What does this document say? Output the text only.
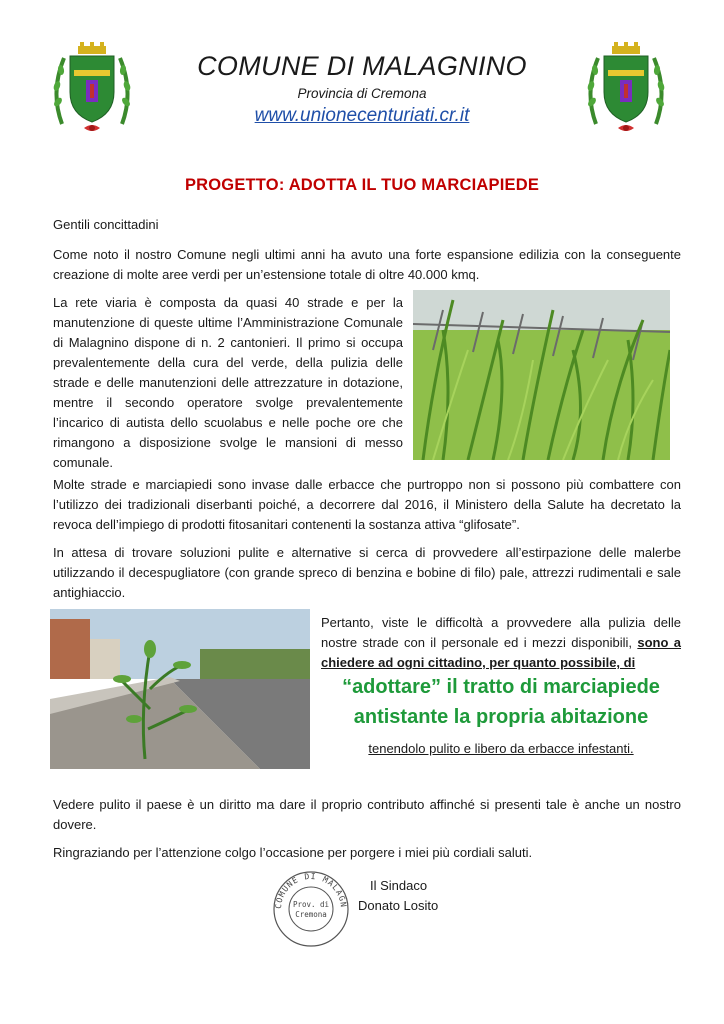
COMUNE DI MALAGNINO
Provincia di Cremona
www.unionecenturiati.cr.it
PROGETTO: ADOTTA IL TUO MARCIAPIEDE

Gentili concittadini

Come noto il nostro Comune negli ultimi anni ha avuto una forte espansione edilizia con la conseguente creazione di molte aree verdi per un’estensione totale di oltre 40.000 kmq.

La rete viaria è composta da quasi 40 strade e per la manutenzione di queste ultime l’Amministrazione Comunale di Malagnino dispone di n. 2 cantonieri. Il primo si occupa prevalentemente della cura del verde, della pulizia delle strade e delle manutenzioni delle attrezzature in dotazione, mentre il secondo operatore svolge prevalentemente l’incarico di autista dello scuolabus e nelle poche ore che rimangono a disposizione svolge le mansioni di messo comunale.

Molte strade e marciapiedi sono invase dalle erbacce che purtroppo non si possono più combattere con l’utilizzo dei tradizionali diserbanti poiché, a decorrere dal 2016, il Ministero della Salute ha decretato la revoca dell’impiego di prodotti fitosanitari contenenti la sostanza attiva “glifosate”.

In attesa di trovare soluzioni pulite e alternative si cerca di provvedere all’estirpazione delle malerbe utilizzando il decespugliatore (con grande spreco di benzina e bobine di filo) pale, attrezzi rudimentali e sale antighiaccio.

Pertanto, viste le difficoltà a provvedere alla pulizia delle nostre strade con il personale ed i mezzi disponibili, sono a chiedere ad ogni cittadino, per quanto possibile, di

“adottare” il tratto di marciapiede
antistante la propria abitazione
tenendolo pulito e libero da erbacce infestanti.

Vedere pulito il paese è un diritto ma dare il proprio contributo affinché si presenti tale è anche un nostro dovere.

Ringraziando per l’attenzione colgo l’occasione per porgere i miei più cordiali saluti.

COMUNE DI MALAGN
Prov. di
Cremona
Il Sindaco
Donato Losito
